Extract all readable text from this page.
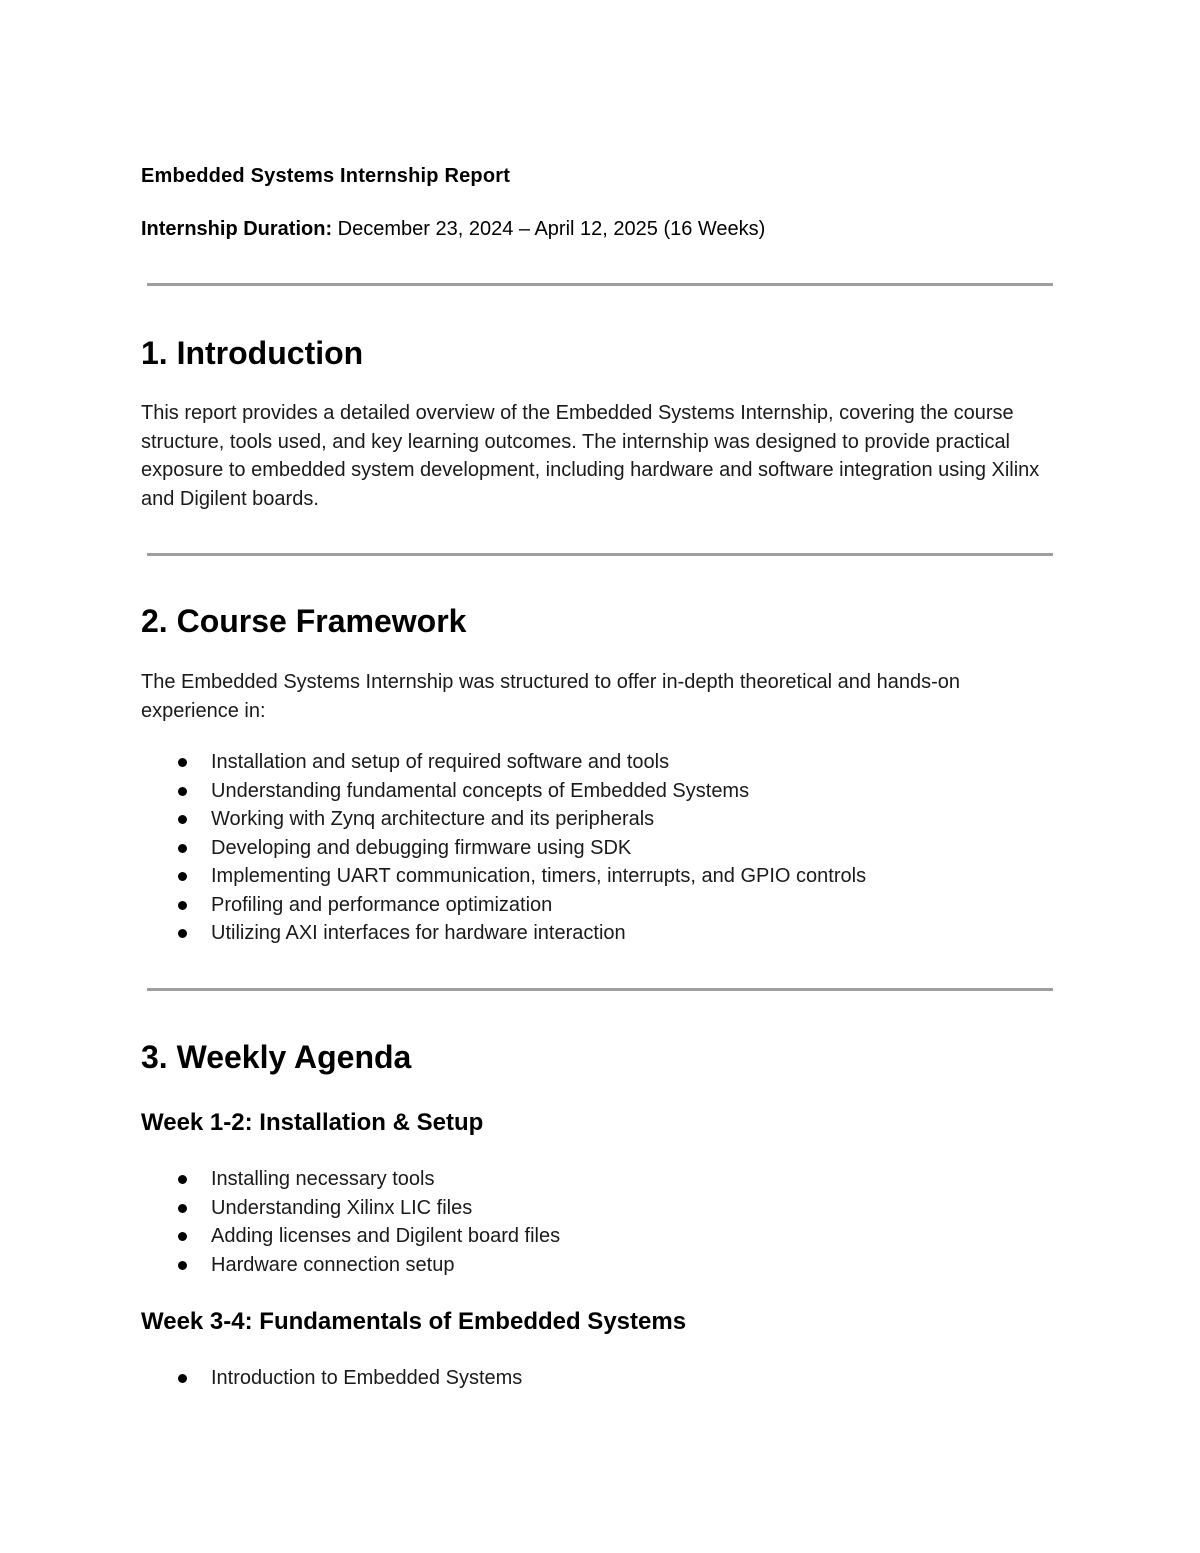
Embedded Systems Internship Report
Internship Duration: December 23, 2024 – April 12, 2025 (16 Weeks)
1. Introduction
This report provides a detailed overview of the Embedded Systems Internship, covering the course structure, tools used, and key learning outcomes. The internship was designed to provide practical exposure to embedded system development, including hardware and software integration using Xilinx and Digilent boards.
2. Course Framework
The Embedded Systems Internship was structured to offer in-depth theoretical and hands-on experience in:
Installation and setup of required software and tools
Understanding fundamental concepts of Embedded Systems
Working with Zynq architecture and its peripherals
Developing and debugging firmware using SDK
Implementing UART communication, timers, interrupts, and GPIO controls
Profiling and performance optimization
Utilizing AXI interfaces for hardware interaction
3. Weekly Agenda
Week 1-2: Installation & Setup
Installing necessary tools
Understanding Xilinx LIC files
Adding licenses and Digilent board files
Hardware connection setup
Week 3-4: Fundamentals of Embedded Systems
Introduction to Embedded Systems
